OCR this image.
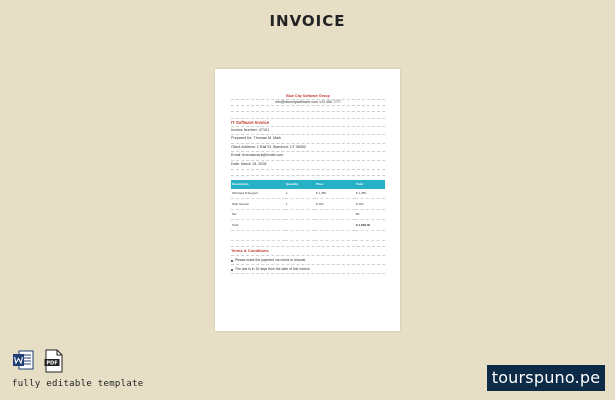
INVOICE
Blue City Software Group
info@bluecitysoftware.com 123 456 7777
IT Software Invoice
Invoice Number: 47101
Prepared for: Thomas M. Mark
Client Address: 1 Rail St, Stamford, CT 06902
Email: thomasmark@email.com
Date: March 15, 2028
Description	Quantity	Price	Total
Windows 8 Support	1	$ 1,456	$ 1,456
Web Service	1	$ 152	$ 152
Tax			$0
Total			$ 1,608.00

Terms & Conditions
Please make the payment via check or deposit.
The due is in 15 days from the date of this invoice.
PDF
fully editable template	tourspuno.pe
